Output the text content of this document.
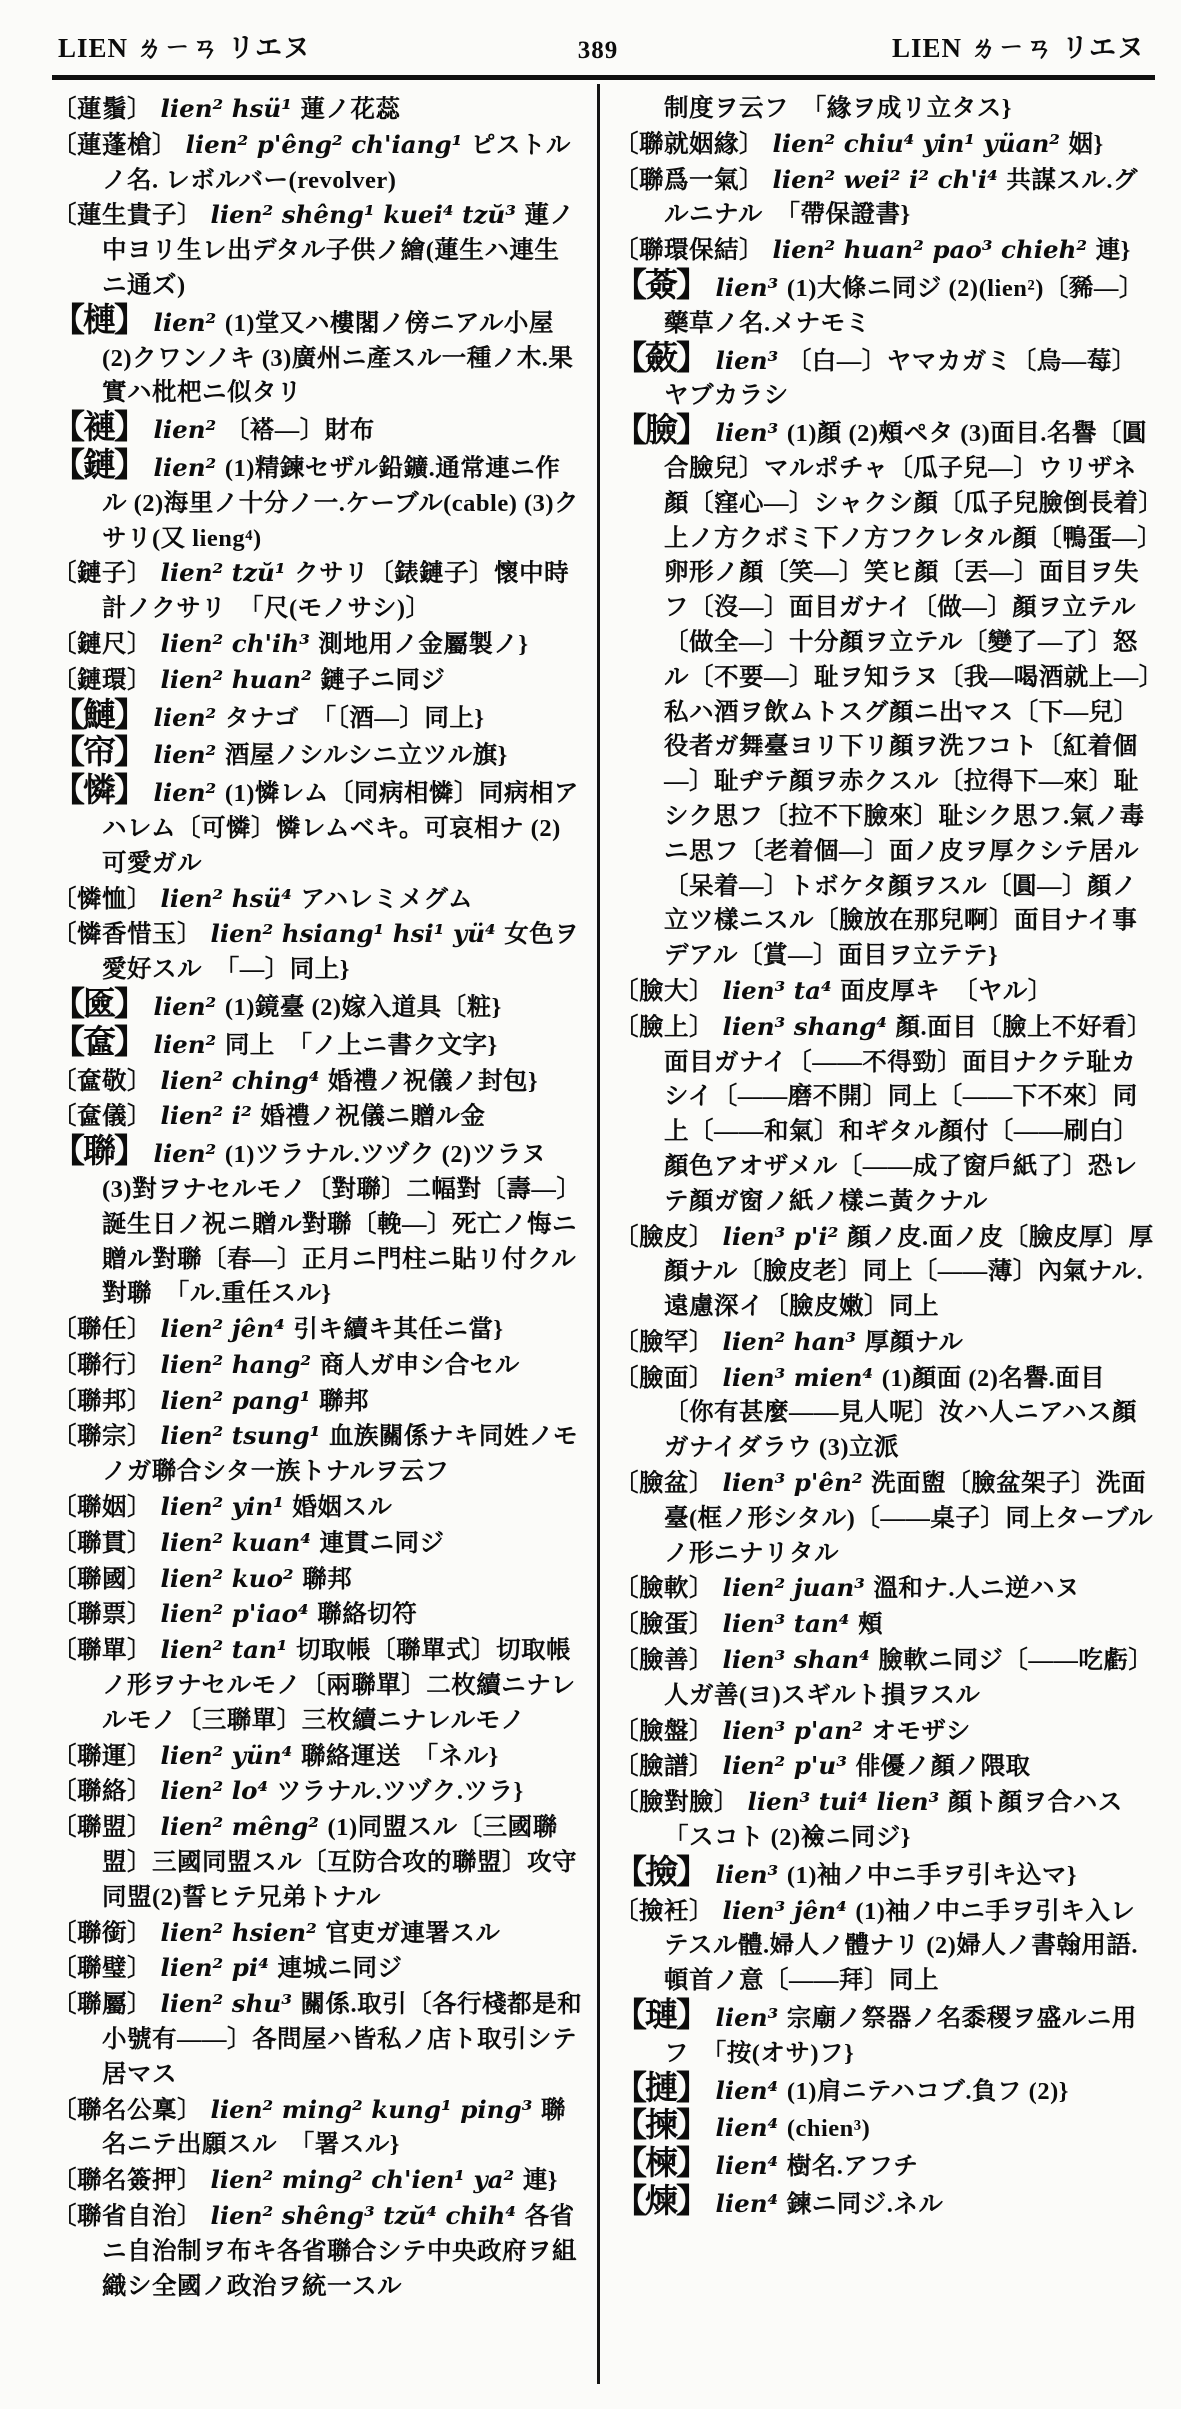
LIEN ㄌㄧㄢ リエヌ	389	LIEN ㄌㄧㄢ リエヌ
〔蓮鬚〕 lien² hsü¹ 蓮ノ花蕊
〔蓮蓬槍〕 lien² p'êng² ch'iang¹ ピストルノ名. レボルバー(revolver)
〔蓮生貴子〕 lien² shêng¹ kuei⁴ tzŭ³ 蓮ノ中ヨリ生レ出デタル子供ノ繪(蓮生ハ連生ニ通ズ)
【槤】 lien² (1)堂又ハ樓閣ノ傍ニアル小屋 (2)クワンノキ (3)廣州ニ產スル一種ノ木.果實ハ枇杷ニ似タリ
【褳】 lien² 〔褡—〕財布
【鏈】 lien² (1)精鍊セザル鉛鑛.通常連ニ作ル (2)海里ノ十分ノ一.ケーブル(cable) (3)クサリ(又 lieng⁴)
〔鏈子〕 lien² tzŭ¹ クサリ〔錶鏈子〕懷中時計ノクサリ　「尺(モノサシ)〕
〔鏈尺〕 lien² ch'ih³ 測地用ノ金屬製ノ}
〔鏈環〕 lien² huan² 鏈子ニ同ジ
【鰱】 lien² タナゴ　「〔酒—〕同上}
【帘】 lien² 酒屋ノシルシニ立ツル旗}
【憐】 lien² (1)憐レム〔同病相憐〕同病相アハレム〔可憐〕憐レムベキ。可哀相ナ (2)可愛ガル
〔憐恤〕 lien² hsü⁴ アハレミメグム
〔憐香惜玉〕 lien² hsiang¹ hsi¹ yü⁴ 女色ヲ愛好スル　「—〕同上}
【匳】 lien² (1)鏡臺 (2)嫁入道具〔粧}
【奩】 lien² 同上　「ノ上ニ書ク文字}
〔奩敬〕 lien² ching⁴ 婚禮ノ祝儀ノ封包}
〔奩儀〕 lien² i² 婚禮ノ祝儀ニ贈ル金
【聯】 lien² (1)ツラナル.ツヅク (2)ツラヌ (3)對ヲナセルモノ〔對聯〕二幅對〔壽—〕誕生日ノ祝ニ贈ル對聯〔輓—〕死亡ノ悔ニ贈ル對聯〔春—〕正月ニ門柱ニ貼リ付クル對聯　「ル.重任スル}
〔聯任〕 lien² jên⁴ 引キ續キ其任ニ當}
〔聯行〕 lien² hang² 商人ガ申シ合セル
〔聯邦〕 lien² pang¹ 聯邦
〔聯宗〕 lien² tsung¹ 血族關係ナキ同姓ノモノガ聯合シタ一族トナルヲ云フ
〔聯姻〕 lien² yin¹ 婚姻スル
〔聯貫〕 lien² kuan⁴ 連貫ニ同ジ
〔聯國〕 lien² kuo² 聯邦
〔聯票〕 lien² p'iao⁴ 聯絡切符
〔聯單〕 lien² tan¹ 切取帳〔聯單式〕切取帳ノ形ヲナセルモノ〔兩聯單〕二枚續ニナレルモノ〔三聯單〕三枚續ニナレルモノ
〔聯運〕 lien² yün⁴ 聯絡運送　「ネル}
〔聯絡〕 lien² lo⁴ ツラナル.ツヅク.ツラ}
〔聯盟〕 lien² mêng² (1)同盟スル〔三國聯盟〕三國同盟スル〔互防合攻的聯盟〕攻守同盟(2)誓ヒテ兄弟トナル
〔聯銜〕 lien² hsien² 官吏ガ連署スル
〔聯璧〕 lien² pi⁴ 連城ニ同ジ
〔聯屬〕 lien² shu³ 關係.取引〔各行棧都是和小號有——〕各問屋ハ皆私ノ店ト取引シテ居マス
〔聯名公稟〕 lien² ming² kung¹ ping³ 聯名ニテ出願スル　「署スル}
〔聯名簽押〕 lien² ming² ch'ien¹ ya² 連}
〔聯省自治〕 lien² shêng³ tzŭ⁴ chih⁴ 各省ニ自治制ヲ布キ各省聯合シテ中央政府ヲ組織シ全國ノ政治ヲ統一スル
制度ヲ云フ　「緣ヲ成リ立タス}
〔聯就姻緣〕 lien² chiu⁴ yin¹ yüan² 姻}
〔聯爲一氣〕 lien² wei² i² ch'i⁴ 共謀スル.グルニナル　「帶保證書}
〔聯環保結〕 lien² huan² pao³ chieh² 連}
【薟】 lien³ (1)大條ニ同ジ (2)(lien²)〔豨—〕藥草ノ名.メナモミ
【蘞】 lien³ 〔白—〕ヤマカガミ〔烏—莓〕ヤブカラシ
【臉】 lien³ (1)顏 (2)頰ペタ (3)面目.名譽〔圓合臉兒〕マルポチャ〔瓜子兒—〕ウリザネ顏〔窪心—〕シャクシ顏〔瓜子兒臉倒長着〕上ノ方クボミ下ノ方フクレタル顏〔鴨蛋—〕卵形ノ顏〔笑—〕笑ヒ顏〔丟—〕面目ヲ失フ〔沒—〕面目ガナイ〔做—〕顏ヲ立テル〔做全—〕十分顏ヲ立テル〔變了—了〕怒ル〔不要—〕耻ヲ知ラヌ〔我—喝酒就上—〕私ハ酒ヲ飲ムトスグ顏ニ出マス〔下—兒〕役者ガ舞臺ヨリ下リ顏ヲ洗フコト〔紅着個—〕耻ヂテ顏ヲ赤クスル〔拉得下—來〕耻シク思フ〔拉不下臉來〕耻シク思フ.氣ノ毒ニ思フ〔老着個—〕面ノ皮ヲ厚クシテ居ル〔呆着—〕トボケタ顏ヲスル〔圓—〕顏ノ立ツ樣ニスル〔臉放在那兒啊〕面目ナイ事デアル〔賞—〕面目ヲ立テテ}
〔臉大〕 lien³ ta⁴ 面皮厚キ　〔ヤル〕
〔臉上〕 lien³ shang⁴ 顏.面目〔臉上不好看〕面目ガナイ〔——不得勁〕面目ナクテ耻カシイ〔——磨不開〕同上〔——下不來〕同上〔——和氣〕和ギタル顏付〔——刷白〕顏色アオザメル〔——成了窗戶紙了〕恐レテ顏ガ窗ノ紙ノ樣ニ黃クナル
〔臉皮〕 lien³ p'i² 顏ノ皮.面ノ皮〔臉皮厚〕厚顏ナル〔臉皮老〕同上〔——薄〕內氣ナル.遠慮深イ〔臉皮嫩〕同上
〔臉罕〕 lien² han³ 厚顏ナル
〔臉面〕 lien³ mien⁴ (1)顏面 (2)名譽.面目〔你有甚麼——見人呢〕汝ハ人ニアハス顏ガナイダラウ (3)立派
〔臉盆〕 lien³ p'ên² 洗面盥〔臉盆架子〕洗面臺(框ノ形シタル)〔——桌子〕同上ターブルノ形ニナリタル
〔臉軟〕 lien² juan³ 溫和ナ.人ニ逆ハヌ
〔臉蛋〕 lien³ tan⁴ 頰
〔臉善〕 lien³ shan⁴ 臉軟ニ同ジ〔——吃虧〕人ガ善(ヨ)スギルト損ヲスル
〔臉盤〕 lien³ p'an² オモザシ
〔臉譜〕 lien² p'u³ 俳優ノ顏ノ隈取
〔臉對臉〕 lien³ tui⁴ lien³ 顏ト顏ヲ合ハス　「スコト (2)襝ニ同ジ}
【撿】 lien³ (1)袖ノ中ニ手ヲ引キ込マ}
〔撿衽〕 lien³ jên⁴ (1)袖ノ中ニ手ヲ引キ入レテスル體.婦人ノ體ナリ (2)婦人ノ書翰用語.頓首ノ意〔——拜〕同上
【璉】 lien³ 宗廟ノ祭器ノ名黍稷ヲ盛ルニ用フ　「按(オサ)フ}
【摙】 lien⁴ (1)肩ニテハコブ.負フ (2)}
【揀】 lien⁴ (chien³)
【楝】 lien⁴ 樹名.アフチ
【煉】 lien⁴ 鍊ニ同ジ.ネル
